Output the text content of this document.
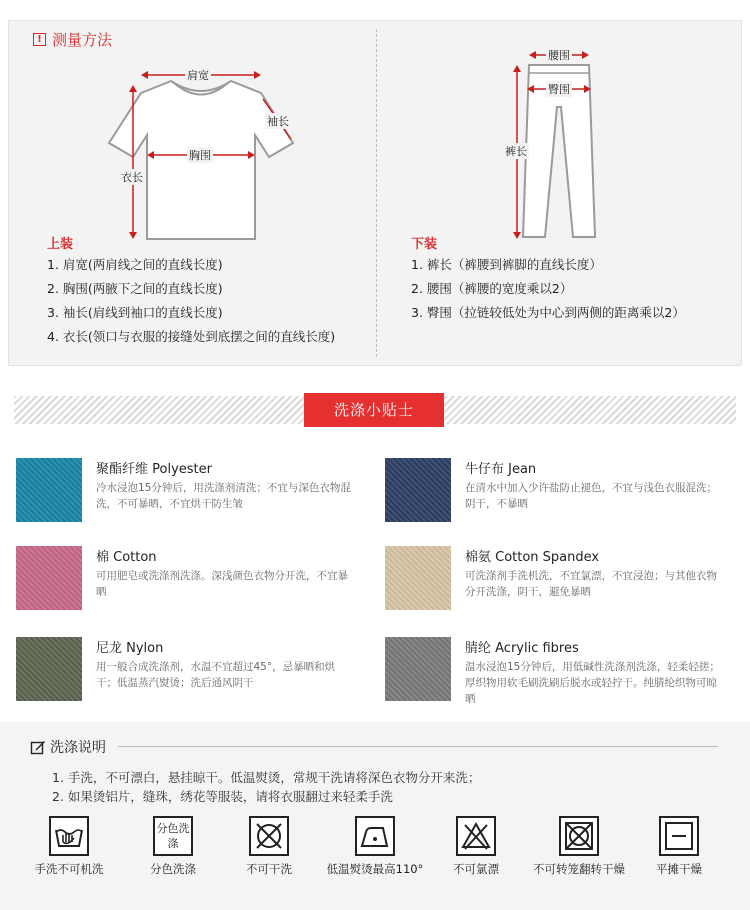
! 测量方法
肩宽
袖长
胸围
衣长
上装
1. 肩宽(两肩线之间的直线长度)
2. 胸围(两腋下之间的直线长度)
3. 袖长(肩线到袖口的直线长度)
4. 衣长(领口与衣服的接缝处到底摆之间的直线长度)
腰围
臀围
裤长
下装
1. 裤长（裤腰到裤脚的直线长度）
2. 腰围（裤腰的宽度乘以2）
3. 臀围（拉链较低处为中心到两侧的距离乘以2）
洗涤小贴士
聚酯纤维 Polyester
冷水浸泡15分钟后，用洗涤剂清洗；不宜与深色衣物混洗，不可暴晒，不宜烘干防生皱
牛仔布 Jean
在清水中加入少许盐防止褪色，不宜与浅色衣服混洗；阴干，不暴晒
棉 Cotton
可用肥皂或洗涤剂洗涤。深浅颜色衣物分开洗，不宜暴晒
棉氨 Cotton Spandex
可洗涤剂手洗机洗，不宜氯漂，不宜浸泡；与其他衣物分开洗涤，阴干，避免暴晒
尼龙 Nylon
用一般合成洗涤剂，水温不宜超过45°，忌暴晒和烘干；低温蒸汽熨烫；洗后通风阴干
腈纶 Acrylic fibres
温水浸泡15分钟后，用低碱性洗涤剂洗涤，轻柔轻搓；厚织物用软毛刷洗刷后脱水或轻拧干。纯腈纶织物可晾晒
洗涤说明
1. 手洗，不可漂白，悬挂晾干。低温熨烫，常规干洗请将深色衣物分开来洗；
2. 如果烫铝片，缝珠，绣花等服装，请将衣服翻过来轻柔手洗
手洗不可机洗
分色洗涤
分色洗涤	不可干洗	低温熨烫最高110°	不可氯漂	不可转笼翻转干燥	平摊干燥
